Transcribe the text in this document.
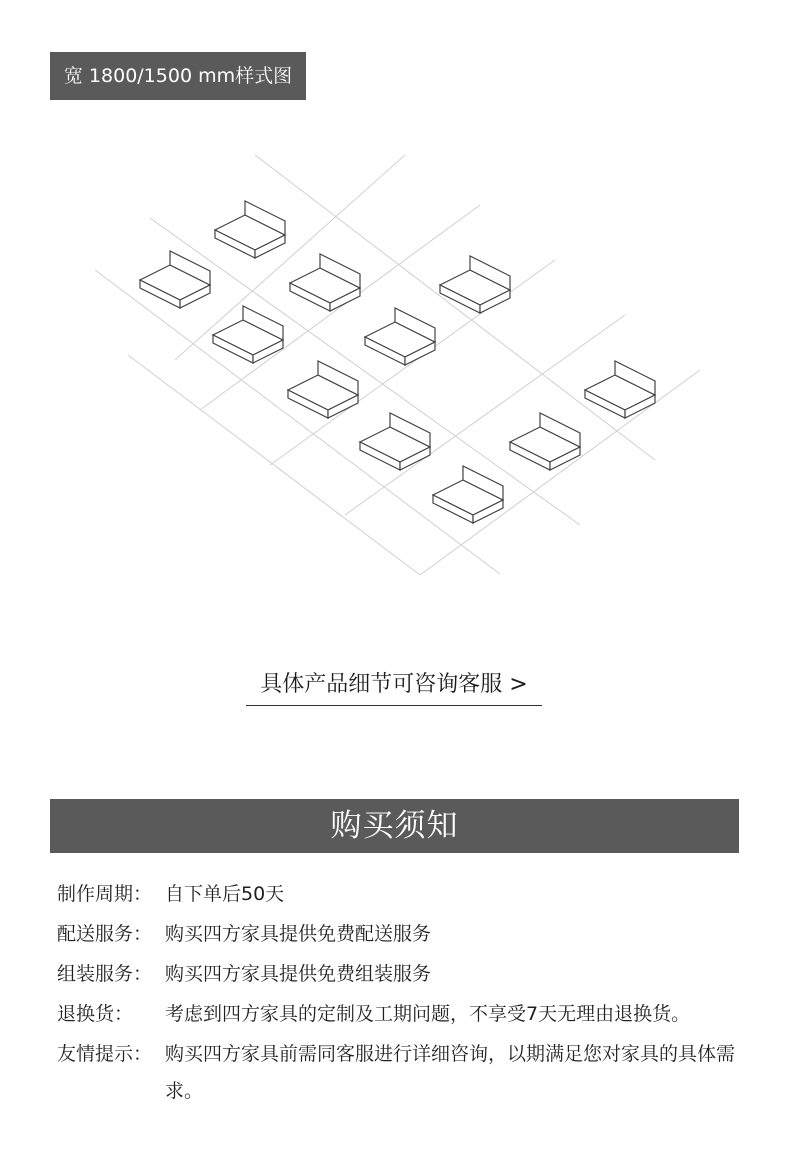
宽 1800/1500 mm样式图
具体产品细节可咨询客服 >
购买须知
制作周期： 自下单后50天
配送服务： 购买四方家具提供免费配送服务
组装服务： 购买四方家具提供免费组装服务
退换货： 考虑到四方家具的定制及工期问题，不享受7天无理由退换货。
友情提示： 购买四方家具前需同客服进行详细咨询，以期满足您对家具的具体需求。
